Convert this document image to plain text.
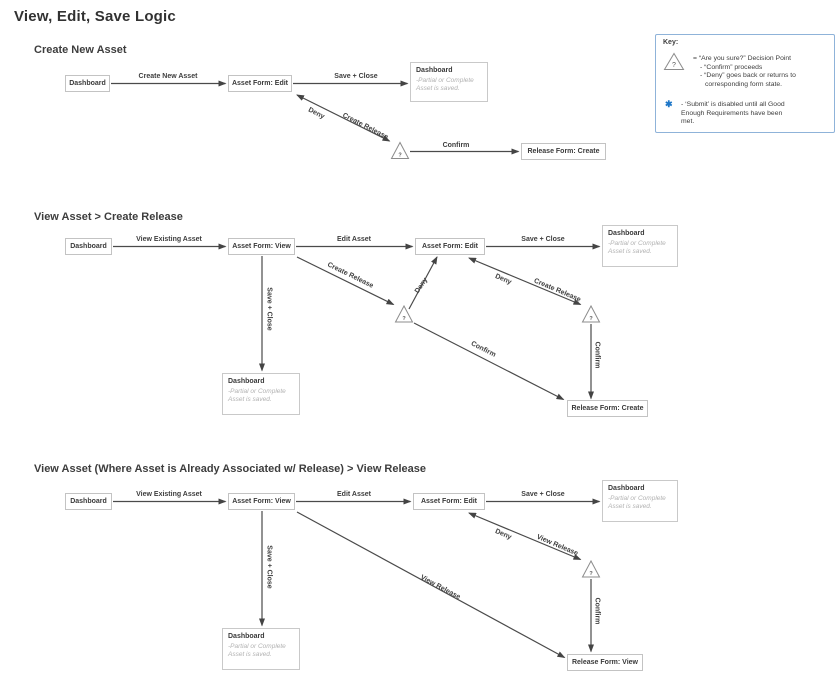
?
?	?
?
View, Edit, Save Logic
Create New Asset
View Asset > Create Release
View Asset (Where Asset is Already Associated w/ Release) > View Release
Dashboard	Asset Form: Edit
Dashboard
-Partial or Complete
Asset is saved.
Release Form: Create
Create New Asset	Save + Close
Deny	Create Release
Confirm
Dashboard	Asset Form: View	Asset Form: Edit
Dashboard
-Partial or Complete
Asset is saved.
Dashboard
-Partial or Complete
Asset is saved.
Release Form: Create
View Existing Asset	Edit Asset	Save + Close
Save + Close
Create Release	Deny	Deny	Create Release
Confirm	Confirm
Dashboard	Asset Form: View	Asset Form: Edit
Dashboard
-Partial or Complete
Asset is saved.
Dashboard
-Partial or Complete
Asset is saved.
Release Form: View
View Existing Asset	Edit Asset	Save + Close
Save + Close
Deny	View Release
View Release
Confirm
Key:
?
= “Are you sure?” Decision Point
- “Confirm” proceeds
- “Deny” goes back or returns to
corresponding form state.
✱ - ‘Submit’ is disabled until all Good
Enough Requirements have been
met.
